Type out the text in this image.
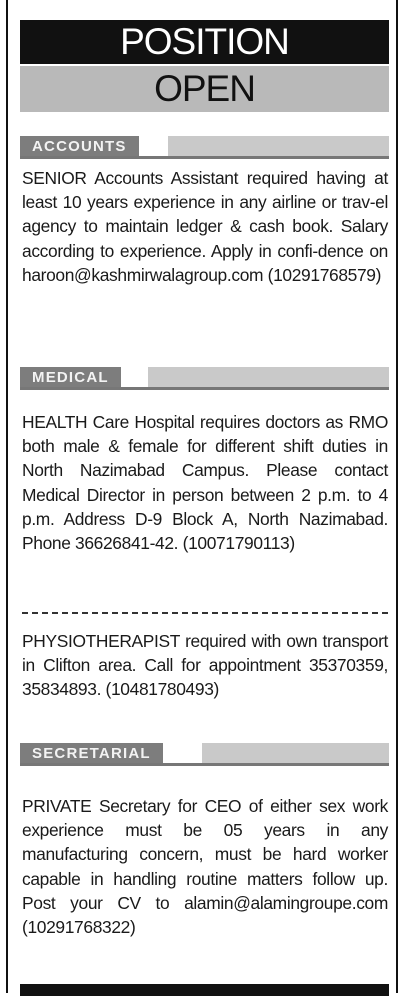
POSITION
OPEN
ACCOUNTS
SENIOR Accounts Assistant required having at least 10 years experience in any airline or trav-el agency to maintain ledger & cash book. Salary according to experience. Apply in confi-dence on haroon@kashmirwalagroup.com (10291768579)
MEDICAL
HEALTH Care Hospital requires doctors as RMO both male & female for different shift duties in North Nazimabad Campus. Please contact Medical Director in person between 2 p.m. to 4 p.m. Address D-9 Block A, North Nazimabad. Phone 36626841-42. (10071790113)
PHYSIOTHERAPIST required with own transport in Clifton area. Call for appointment 35370359, 35834893. (10481780493)
SECRETARIAL
PRIVATE Secretary for CEO of either sex work experience must be 05 years in any manufacturing concern, must be hard worker capable in handling routine matters follow up. Post your CV to alamin@alamingroupe.com (10291768322)
